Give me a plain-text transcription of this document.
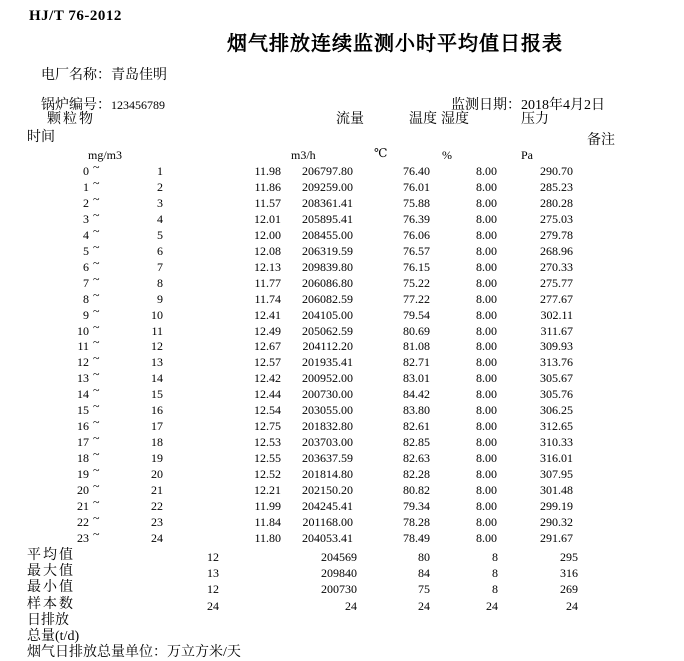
HJ/T 76-2012
烟气排放连续监测小时平均值日报表

电厂名称：青岛佳明

锅炉编号：123456789
	监测日期：2018年4月2日

颗粒物	流量	温度 湿度	压力
时间	备注
mg/m3	m3/h	℃	%	Pa
0 ~	1	11.98	206797.80	76.40	8.00	290.70
1 ~	2	11.86	209259.00	76.01	8.00	285.23
2 ~	3	11.57	208361.41	75.88	8.00	280.28
3 ~	4	12.01	205895.41	76.39	8.00	275.03
4 ~	5	12.00	208455.00	76.06	8.00	279.78
5 ~	6	12.08	206319.59	76.57	8.00	268.96
6 ~	7	12.13	209839.80	76.15	8.00	270.33
7 ~	8	11.77	206086.80	75.22	8.00	275.77
8 ~	9	11.74	206082.59	77.22	8.00	277.67
9 ~	10	12.41	204105.00	79.54	8.00	302.11
10 ~	11	12.49	205062.59	80.69	8.00	311.67
11 ~	12	12.67	204112.20	81.08	8.00	309.93
12 ~	13	12.57	201935.41	82.71	8.00	313.76
13 ~	14	12.42	200952.00	83.01	8.00	305.67
14 ~	15	12.44	200730.00	84.42	8.00	305.76
15 ~	16	12.54	203055.00	83.80	8.00	306.25
16 ~	17	12.75	201832.80	82.61	8.00	312.65
17 ~	18	12.53	203703.00	82.85	8.00	310.33
18 ~	19	12.55	203637.59	82.63	8.00	316.01
19 ~	20	12.52	201814.80	82.28	8.00	307.95
20 ~	21	12.21	202150.20	80.82	8.00	301.48
21 ~	22	11.99	204245.41	79.34	8.00	299.19
22 ~	23	11.84	201168.00	78.28	8.00	290.32
23 ~	24	11.80	204053.41	78.49	8.00	291.67
平均值	12	204569	80	8	295
最大值	13	209840	84	8	316
最小值	12	200730	75	8	269
样本数	24	24	24	24	24
日排放
总量(t/d)
烟气日排放总量单位：万立方米/天
